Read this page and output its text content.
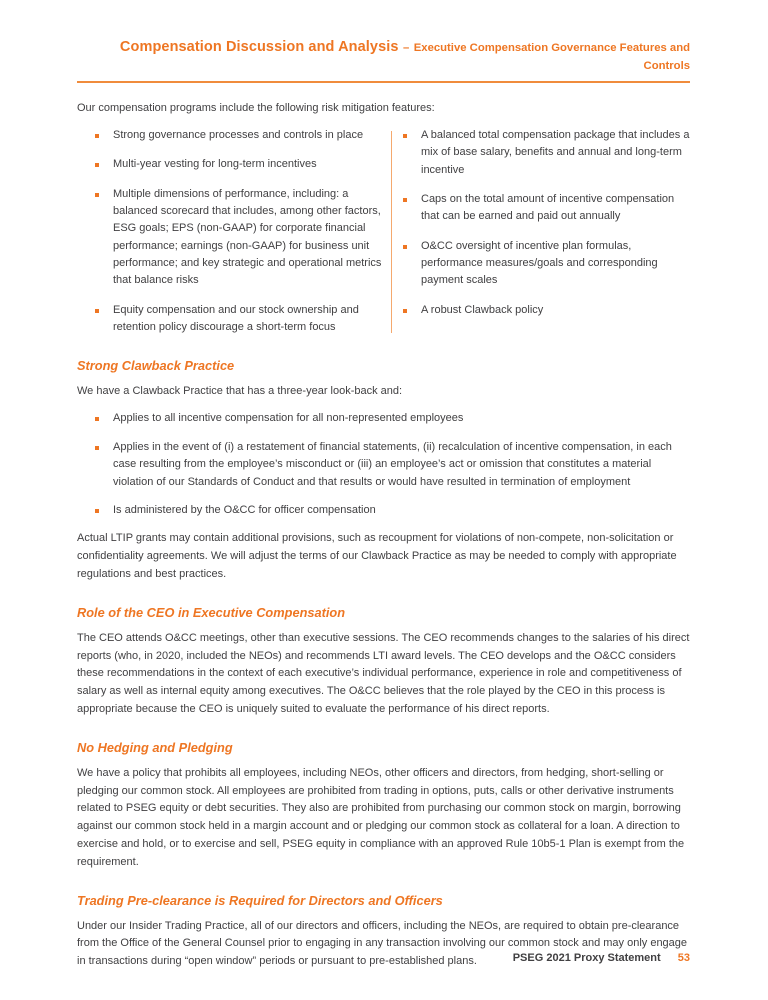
Compensation Discussion and Analysis – Executive Compensation Governance Features and Controls

Our compensation programs include the following risk mitigation features:

Strong governance processes and controls in place
Multi-year vesting for long-term incentives
Multiple dimensions of performance, including: a balanced scorecard that includes, among other factors, ESG goals; EPS (non-GAAP) for corporate financial performance; earnings (non-GAAP) for business unit performance; and key strategic and operational metrics that balance risks
Equity compensation and our stock ownership and retention policy discourage a short-term focus
A balanced total compensation package that includes a mix of base salary, benefits and annual and long-term incentive
Caps on the total amount of incentive compensation that can be earned and paid out annually
O&CC oversight of incentive plan formulas, performance measures/goals and corresponding payment scales
A robust Clawback policy
Strong Clawback Practice

We have a Clawback Practice that has a three-year look-back and:

Applies to all incentive compensation for all non-represented employees
Applies in the event of (i) a restatement of financial statements, (ii) recalculation of incentive compensation, in each case resulting from the employee’s misconduct or (iii) an employee’s act or omission that constitutes a material violation of our Standards of Conduct and that results or would have resulted in termination of employment
Is administered by the O&CC for officer compensation

Actual LTIP grants may contain additional provisions, such as recoupment for violations of non-compete, non-solicitation or confidentiality agreements. We will adjust the terms of our Clawback Practice as may be needed to comply with appropriate regulations and best practices.

Role of the CEO in Executive Compensation

The CEO attends O&CC meetings, other than executive sessions. The CEO recommends changes to the salaries of his direct reports (who, in 2020, included the NEOs) and recommends LTI award levels. The CEO develops and the O&CC considers these recommendations in the context of each executive’s individual performance, experience in role and competitiveness of salary as well as internal equity among executives. The O&CC believes that the role played by the CEO in this process is appropriate because the CEO is uniquely suited to evaluate the performance of his direct reports.

No Hedging and Pledging

We have a policy that prohibits all employees, including NEOs, other officers and directors, from hedging, short-selling or pledging our common stock. All employees are prohibited from trading in options, puts, calls or other derivative instruments related to PSEG equity or debt securities. They also are prohibited from purchasing our common stock on margin, borrowing against our common stock held in a margin account and or pledging our common stock as collateral for a loan. A direction to exercise and hold, or to exercise and sell, PSEG equity in compliance with an approved Rule 10b5-1 Plan is exempt from the requirement.

Trading Pre-clearance is Required for Directors and Officers

Under our Insider Trading Practice, all of our directors and officers, including the NEOs, are required to obtain pre-clearance from the Office of the General Counsel prior to engaging in any transaction involving our common stock and may only engage in transactions during “open window” periods or pursuant to pre-established plans.	PSEG 2021 Proxy Statement 53
